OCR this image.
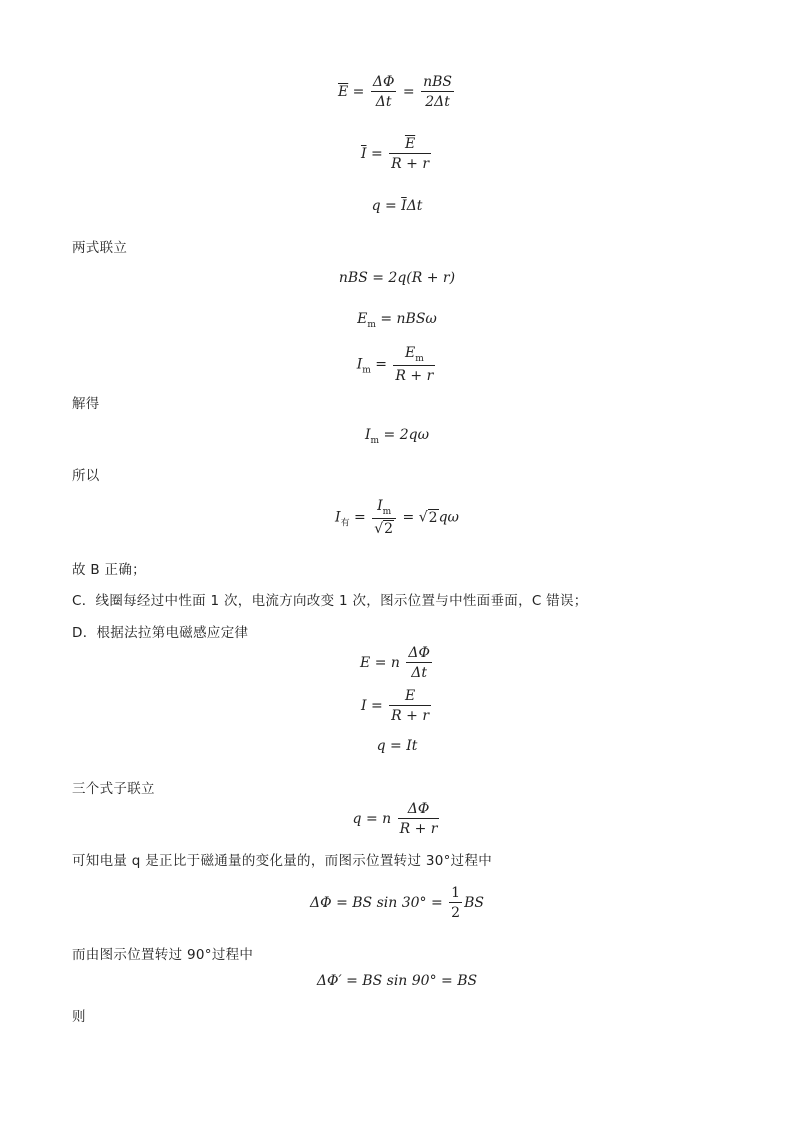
$\overline{E} = \frac{\Delta\Phi}{\Delta t} = \frac{\text{nBS}}{2\Delta t}$
$\overline{I} = \frac{\overline{E}}{R + r}$
$q = \overline{I}\Delta t$
两式联立
nBS = 2q(R + r)
$E_m = nBS\omega$
$I_m = \frac{E_m}{R + r}$
解得
$I_m = 2q\omega$
所以
$I_有 = \frac{I_m}{√2} = √2q\omega$
故 B 正确；
C．线圈每经过中性面 1 次，电流方向改变 1 次，图示位置与中性面垂面，C 错误；
D．根据法拉第电磁感应定律
E = n $\frac{\Delta\Phi}{\Delta t}$
$I = \frac{E}{R + r}$
q = It
三个式子联立
q = n $\frac{\Delta\Phi}{R + r}$
可知电量 q 是正比于磁通量的变化量的，而图示位置转过 30°过程中
ΔΦ = BS $\sin 30^\circ = \frac{1}{2}$ BS
而由图示位置转过 90°过程中
ΔΦ′ = BS sin 90° = BS
则
